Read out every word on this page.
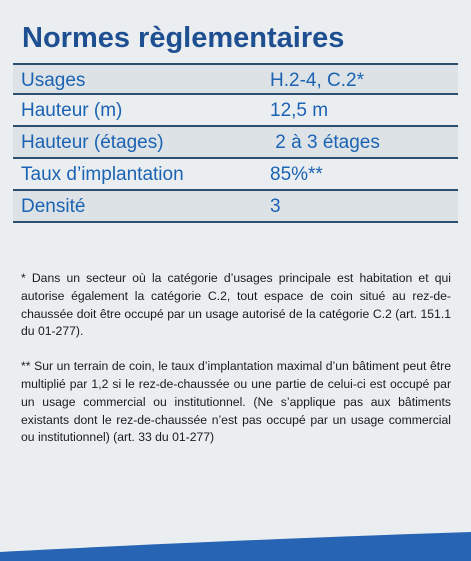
Normes règlementaires
Usages	H.2-4, C.2*
Hauteur (m)	12,5 m
Hauteur (étages)	2 à 3 étages
Taux d’implantation	85%**
Densité	3

* Dans un secteur où la catégorie d’usages principale est habitation et qui autorise également la catégorie C.2, tout espace de coin situé au rez-de-chaussée doit être occupé par un usage autorisé de la catégorie C.2 (art. 151.1 du 01-277).

** Sur un terrain de coin, le taux d’implantation maximal d’un bâtiment peut être multiplié par 1,2 si le rez-de-chaussée ou une partie de celui-ci est occupé par un usage commercial ou institutionnel. (Ne s’applique pas aux bâtiments existants dont le rez-de-chaussée n’est pas occupé par un usage commercial ou institutionnel) (art. 33 du 01-277)
